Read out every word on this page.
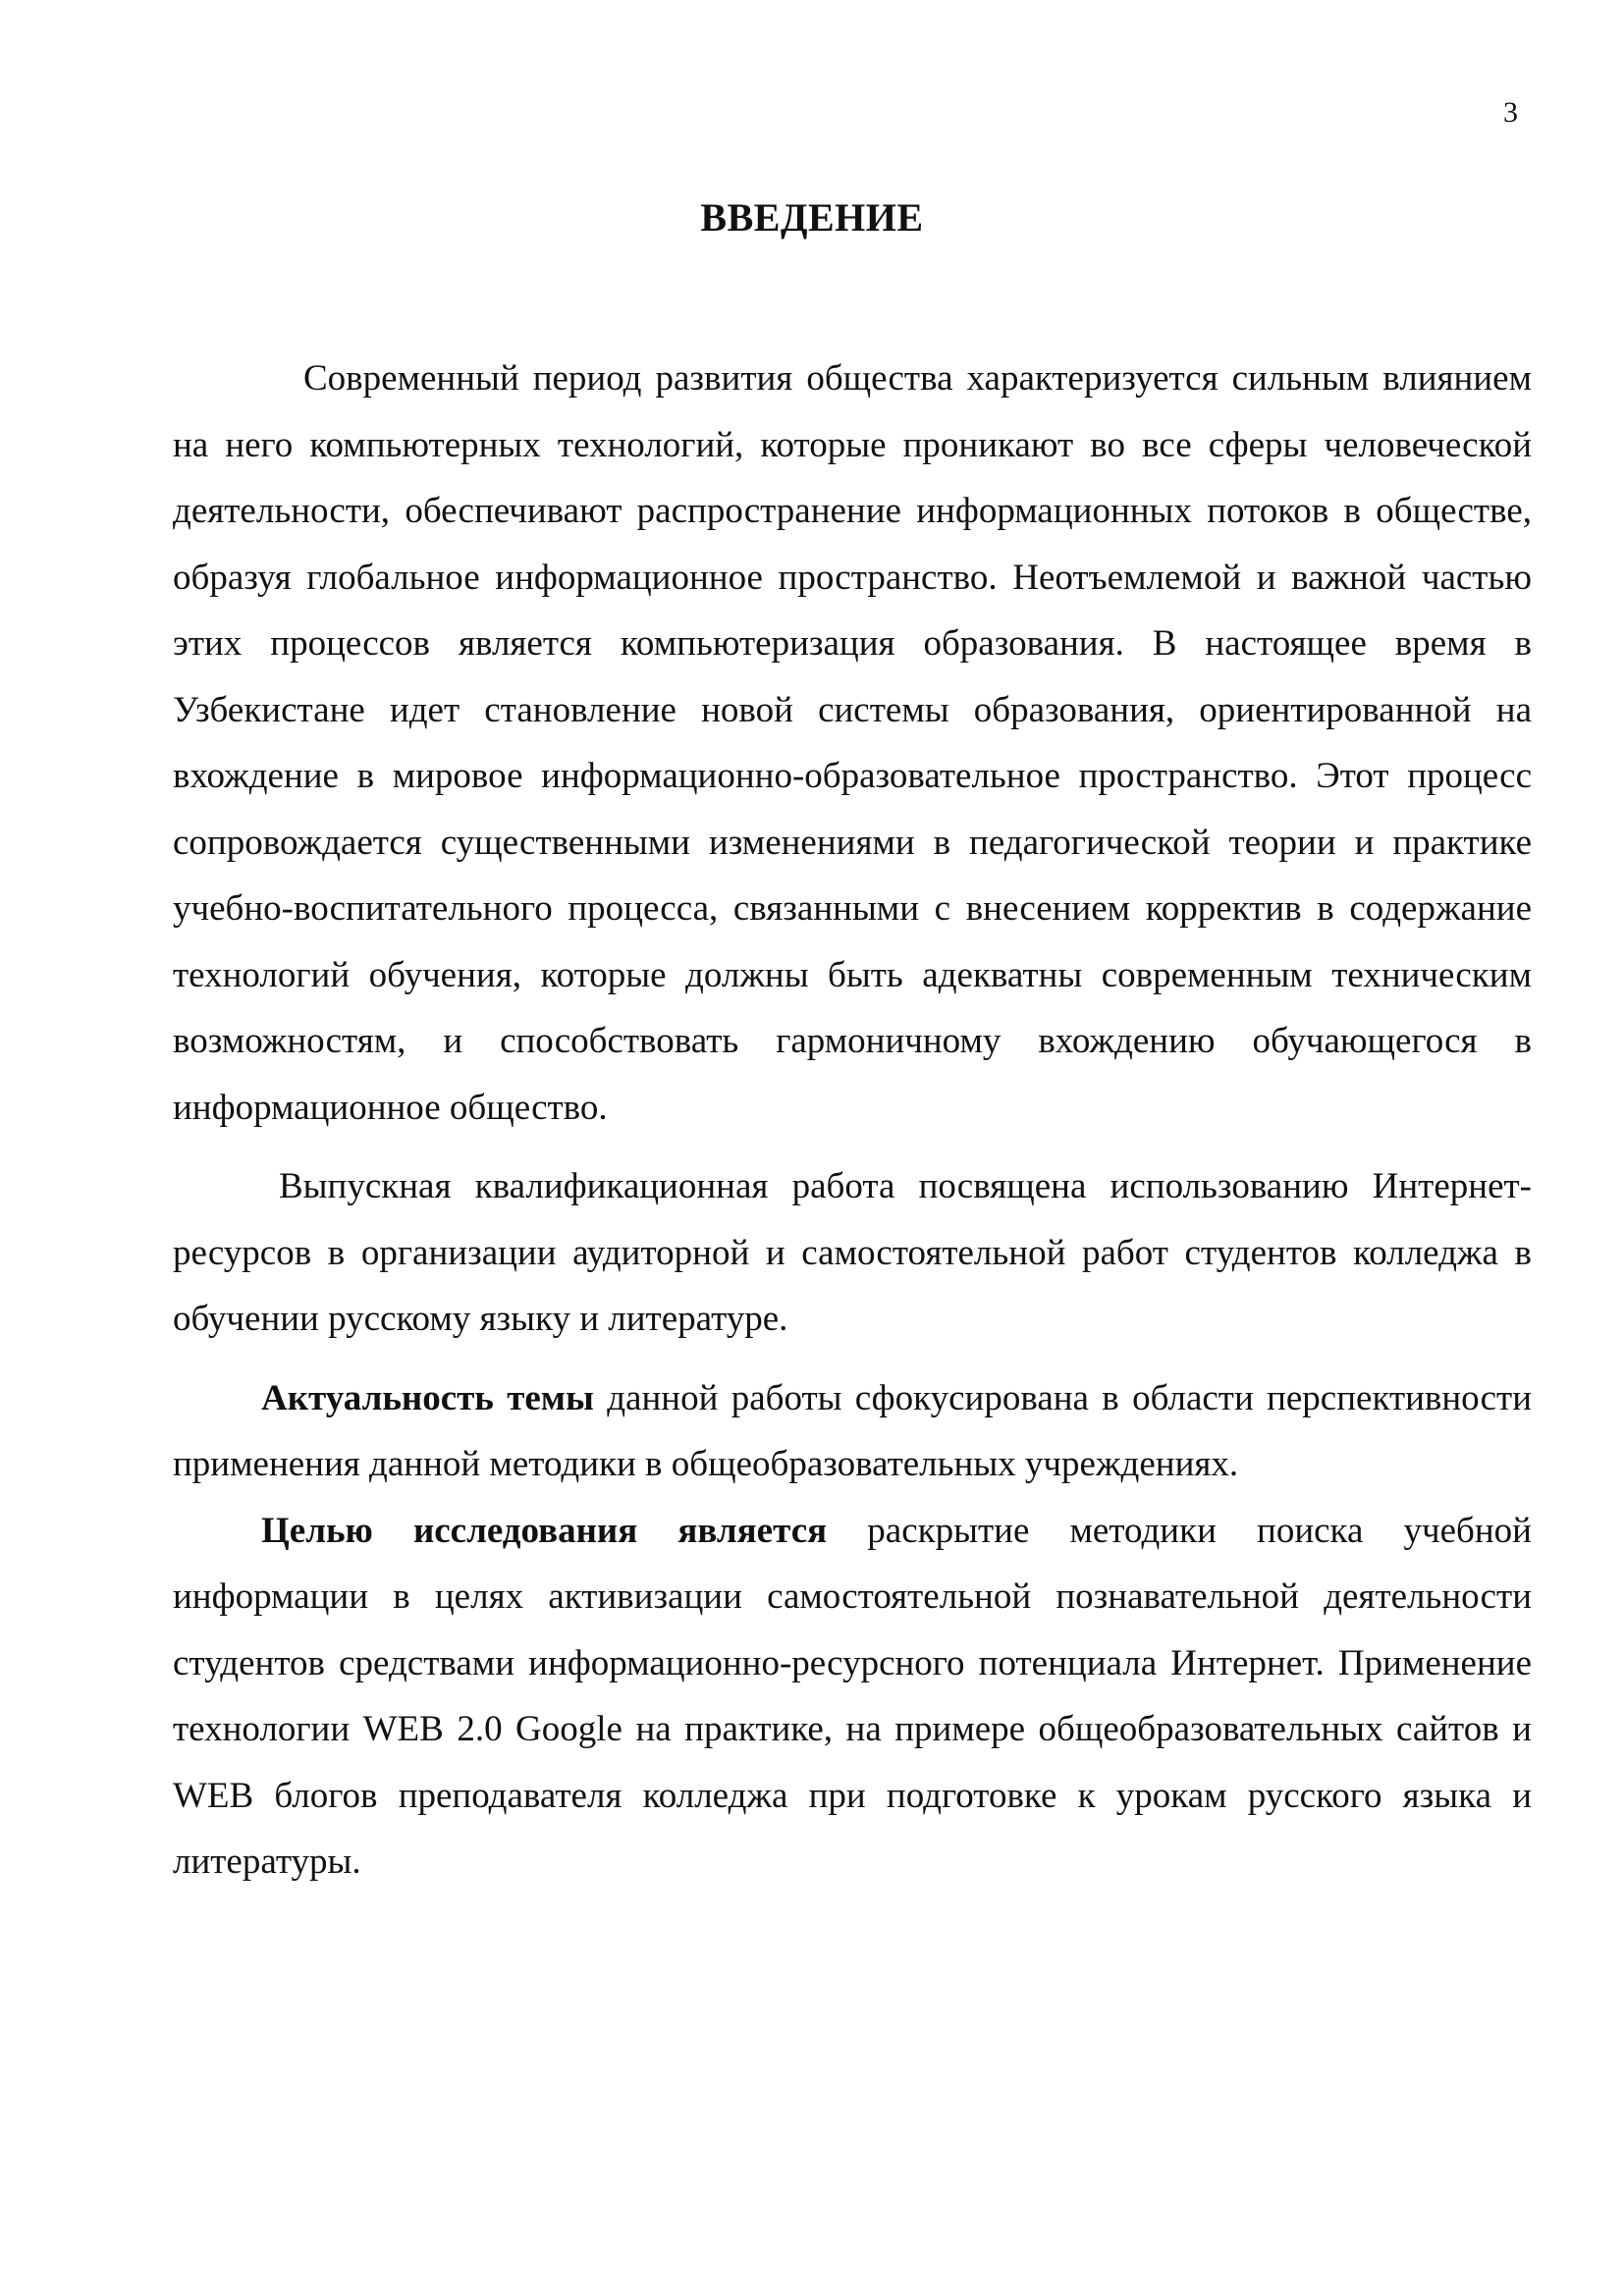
3
ВВЕДЕНИЕ

Современный период развития общества характеризуется сильным влиянием на него компьютерных технологий, которые проникают во все сферы человеческой деятельности, обеспечивают распространение информационных потоков в обществе, образуя глобальное информационное пространство. Неотъемлемой и важной частью этих процессов является компьютеризация образования. В настоящее время в Узбекистане идет становление новой системы образования, ориентированной на вхождение в мировое информационно-образовательное пространство. Этот процесс сопровождается существенными изменениями в педагогической теории и практике учебно-воспитательного процесса, связанными с внесением корректив в содержание технологий обучения, которые должны быть адекватны современным техническим возможностям, и способствовать гармоничному вхождению обучающегося в информационное общество.

Выпускная квалификационная работа посвящена использованию Интернет-ресурсов в организации аудиторной и самостоятельной работ студентов колледжа в обучении русскому языку и литературе.

Актуальность темы данной работы сфокусирована в области перспективности применения данной методики в общеобразовательных учреждениях.

Целью исследования является раскрытие методики поиска учебной информации в целях активизации самостоятельной познавательной деятельности студентов средствами информационно-ресурсного потенциала Интернет. Применение технологии WEB 2.0 Google на практике, на примере общеобразовательных сайтов и WEB блогов преподавателя колледжа при подготовке к урокам русского языка и литературы.
